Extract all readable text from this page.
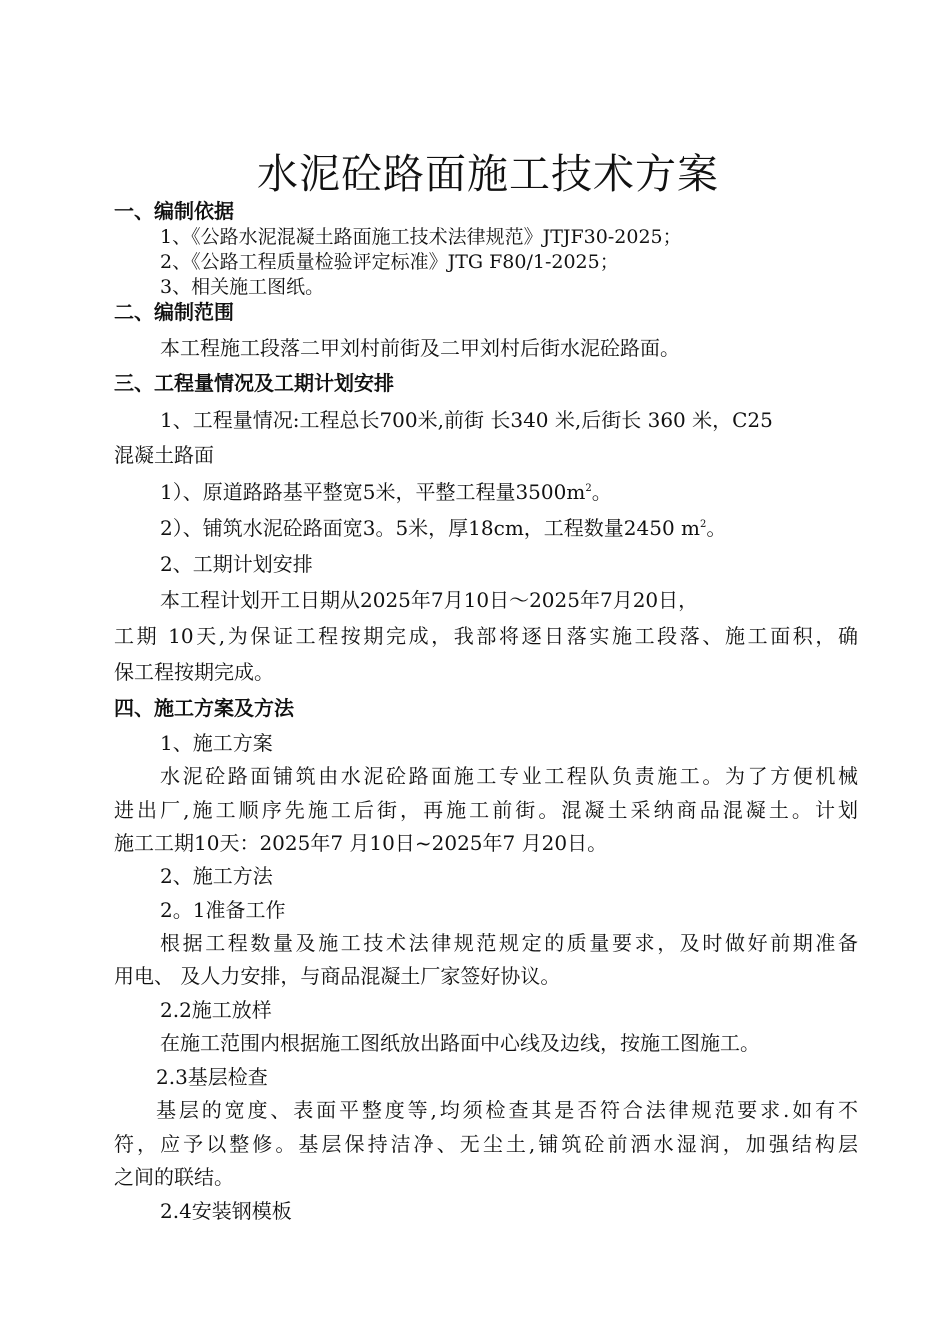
水泥砼路面施工技术方案
一、编制依据
1、《公路水泥混凝土路面施工技术法律规范》JTJF30-2025；
2、《公路工程质量检验评定标准》JTG F80/1-2025；
3、相关施工图纸。
二、编制范围
本工程施工段落二甲刘村前街及二甲刘村后街水泥砼路面。
三、工程量情况及工期计划安排
1、工程量情况:工程总长700米,前街 长340 米,后街长 360 米，C25
混凝土路面
1）、原道路路基平整宽5米，平整工程量$3500m^2$。
2）、铺筑水泥砼路面宽3。5米，厚18cm，工程数量2450 $m^2$。
2、工期计划安排
本工程计划开工日期从2025年7月10日～2025年7月20日，
工期 10天,为保证工程按期完成，我部将逐日落实施工段落、施工面积，确
保工程按期完成。
四、施工方案及方法
1、施工方案
水泥砼路面铺筑由水泥砼路面施工专业工程队负责施工。为了方便机械
进出厂,施工顺序先施工后街，再施工前街。混凝土采纳商品混凝土。计划
施工工期10天：2025年7 月10日~2025年7 月20日。
2、施工方法
2。1准备工作
根据工程数量及施工技术法律规范规定的质量要求，及时做好前期准备
用电、 及人力安排，与商品混凝土厂家签好协议。
2.2施工放样
在施工范围内根据施工图纸放出路面中心线及边线，按施工图施工。
2.3基层检查
基层的宽度、表面平整度等,均须检查其是否符合法律规范要求.如有不
符，应予以整修。基层保持洁净、无尘土,铺筑砼前洒水湿润，加强结构层
之间的联结。
2.4安装钢模板
